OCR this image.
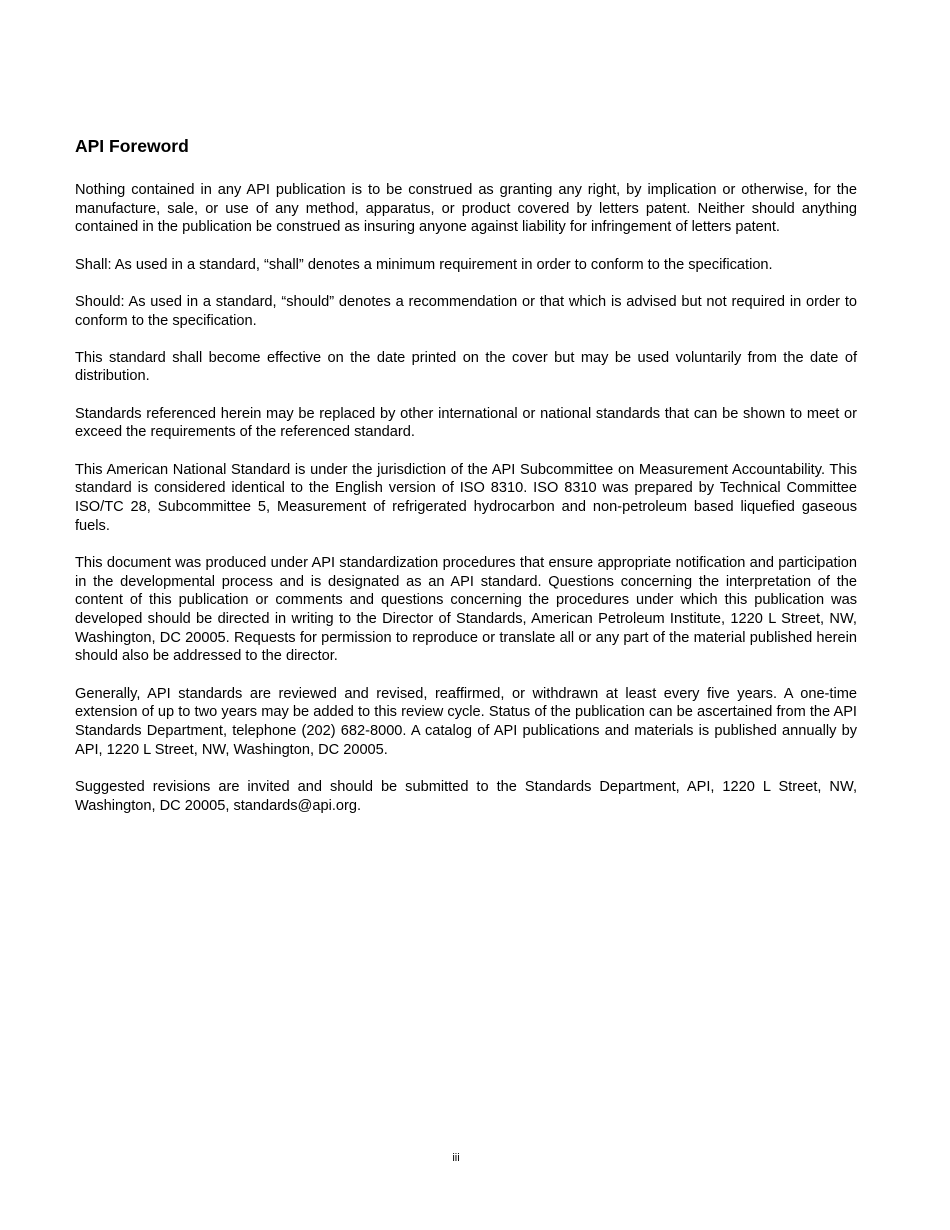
API Foreword

Nothing contained in any API publication is to be construed as granting any right, by implication or otherwise, for the manufacture, sale, or use of any method, apparatus, or product covered by letters patent. Neither should anything contained in the publication be construed as insuring anyone against liability for infringement of letters patent.

Shall: As used in a standard, “shall” denotes a minimum requirement in order to conform to the specification.

Should: As used in a standard, “should” denotes a recommendation or that which is advised but not required in order to conform to the specification.

This standard shall become effective on the date printed on the cover but may be used voluntarily from the date of distribution.

Standards referenced herein may be replaced by other international or national standards that can be shown to meet or exceed the requirements of the referenced standard.

This American National Standard is under the jurisdiction of the API Subcommittee on Measurement Accountability. This standard is considered identical to the English version of ISO 8310. ISO 8310 was prepared by Technical Committee ISO/TC 28, Subcommittee 5, Measurement of refrigerated hydrocarbon and non-petroleum based liquefied gaseous fuels.

This document was produced under API standardization procedures that ensure appropriate notification and participation in the developmental process and is designated as an API standard. Questions concerning the interpretation of the content of this publication or comments and questions concerning the procedures under which this publication was developed should be directed in writing to the Director of Standards, American Petroleum Institute, 1220 L Street, NW, Washington, DC 20005. Requests for permission to reproduce or translate all or any part of the material published herein should also be addressed to the director.

Generally, API standards are reviewed and revised, reaffirmed, or withdrawn at least every five years. A one-time extension of up to two years may be added to this review cycle. Status of the publication can be ascertained from the API Standards Department, telephone (202) 682-8000. A catalog of API publications and materials is published annually by API, 1220 L Street, NW, Washington, DC 20005.

Suggested revisions are invited and should be submitted to the Standards Department, API, 1220 L Street, NW, Washington, DC 20005, standards@api.org.

iii
